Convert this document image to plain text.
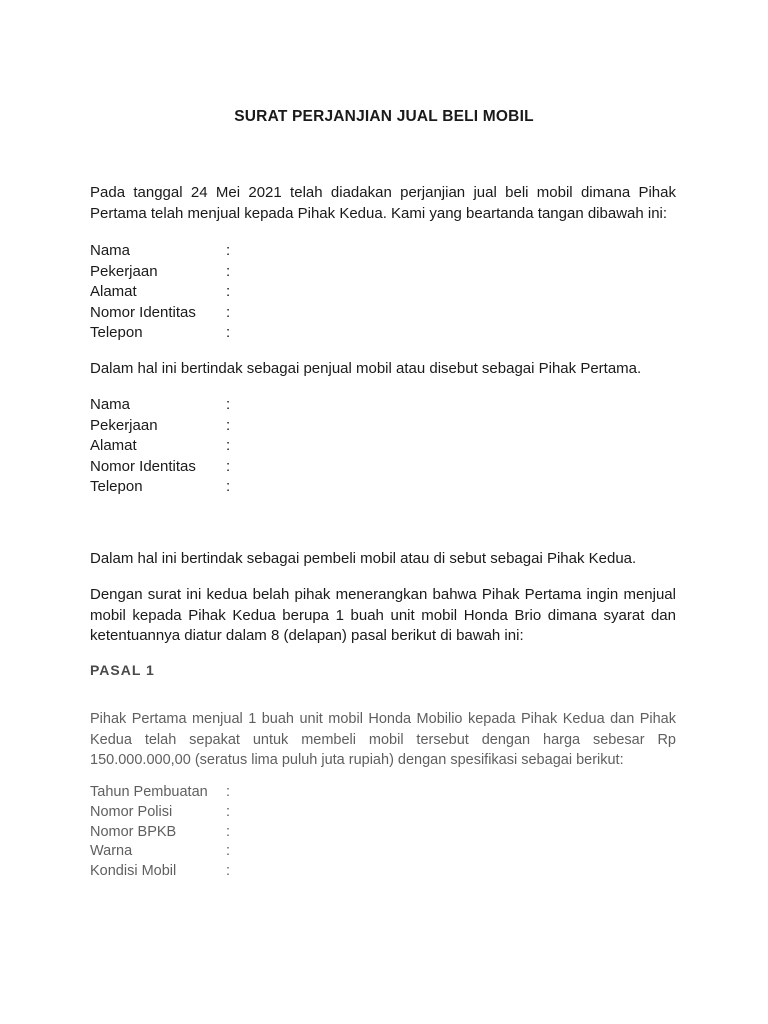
SURAT PERJANJIAN JUAL BELI MOBIL
Pada tanggal 24 Mei 2021 telah diadakan perjanjian jual beli mobil dimana Pihak Pertama telah menjual kepada Pihak Kedua. Kami yang beartanda tangan dibawah ini:
Nama	:
Pekerjaan	:
Alamat	:
Nomor Identitas :
Telepon	:
Dalam hal ini bertindak sebagai penjual mobil atau disebut sebagai Pihak Pertama.
Nama	:
Pekerjaan	:
Alamat	:
Nomor Identitas :
Telepon	:
Dalam hal ini bertindak sebagai pembeli mobil atau di sebut sebagai Pihak Kedua.
Dengan surat ini kedua belah pihak menerangkan bahwa Pihak Pertama ingin menjual mobil kepada Pihak Kedua berupa 1 buah unit mobil Honda Brio dimana syarat dan ketentuannya diatur dalam 8 (delapan) pasal berikut di bawah ini:
PASAL 1
Pihak Pertama menjual 1 buah unit mobil Honda Mobilio kepada Pihak Kedua dan Pihak Kedua telah sepakat untuk membeli mobil tersebut dengan harga sebesar Rp 150.000.000,00 (seratus lima puluh juta rupiah) dengan spesifikasi sebagai berikut:
Tahun Pembuatan :
Nomor Polisi	:
Nomor BPKB	:
Warna	:
Kondisi Mobil	:
